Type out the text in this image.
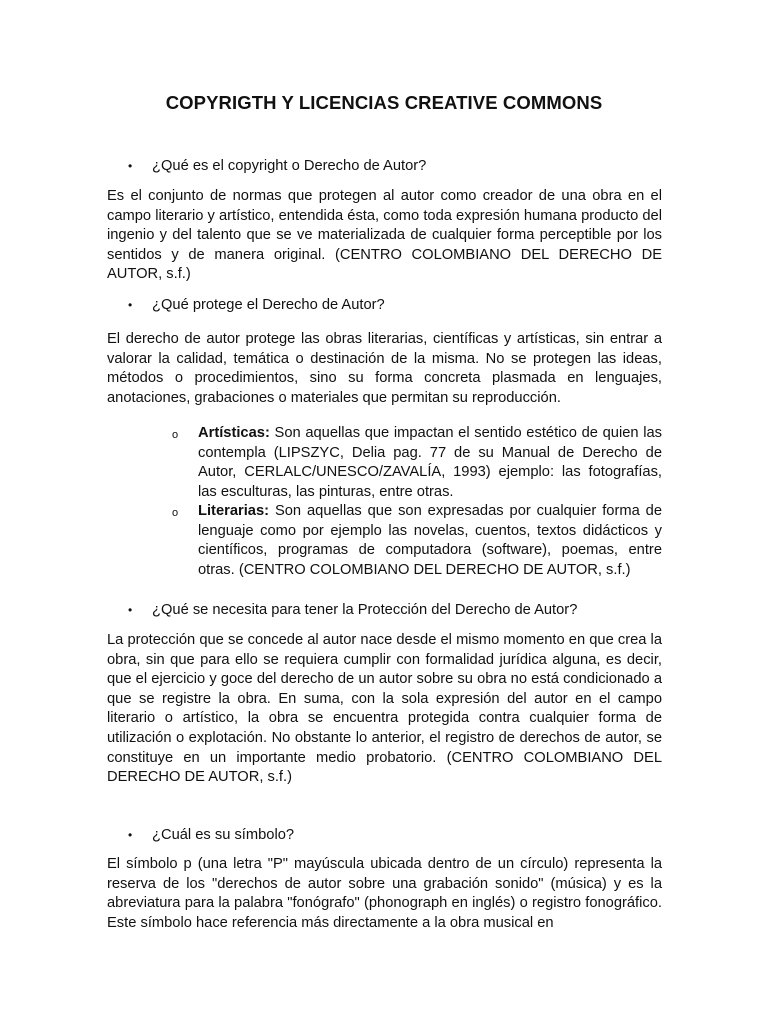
COPYRIGTH Y LICENCIAS CREATIVE COMMONS
• ¿Qué es el copyright o Derecho de Autor?
Es el conjunto de normas que protegen al autor como creador de una obra en el campo literario y artístico, entendida ésta, como toda expresión humana producto del ingenio y del talento que se ve materializada de cualquier forma perceptible por los sentidos y de manera original. (CENTRO COLOMBIANO DEL DERECHO DE AUTOR, s.f.)
• ¿Qué protege el Derecho de Autor?
El derecho de autor protege las obras literarias, científicas y artísticas, sin entrar a valorar la calidad, temática o destinación de la misma. No se protegen las ideas, métodos o procedimientos, sino su forma concreta plasmada en lenguajes, anotaciones, grabaciones o materiales que permitan su reproducción.
o Artísticas: Son aquellas que impactan el sentido estético de quien las contempla (LIPSZYC, Delia pag. 77 de su Manual de Derecho de Autor, CERLALC/UNESCO/ZAVALÍA, 1993) ejemplo: las fotografías, las esculturas, las pinturas, entre otras.
o Literarias: Son aquellas que son expresadas por cualquier forma de lenguaje como por ejemplo las novelas, cuentos, textos didácticos y científicos, programas de computadora (software), poemas, entre otras. (CENTRO COLOMBIANO DEL DERECHO DE AUTOR, s.f.)
• ¿Qué se necesita para tener la Protección del Derecho de Autor?
La protección que se concede al autor nace desde el mismo momento en que crea la obra, sin que para ello se requiera cumplir con formalidad jurídica alguna, es decir, que el ejercicio y goce del derecho de un autor sobre su obra no está condicionado a que se registre la obra. En suma, con la sola expresión del autor en el campo literario o artístico, la obra se encuentra protegida contra cualquier forma de utilización o explotación. No obstante lo anterior, el registro de derechos de autor, se constituye en un importante medio probatorio. (CENTRO COLOMBIANO DEL DERECHO DE AUTOR, s.f.)
• ¿Cuál es su símbolo?
El símbolo p (una letra "P" mayúscula ubicada dentro de un círculo) representa la reserva de los "derechos de autor sobre una grabación sonido" (música) y es la abreviatura para la palabra "fonógrafo" (phonograph en inglés) o registro fonográfico. Este símbolo hace referencia más directamente a la obra musical en
